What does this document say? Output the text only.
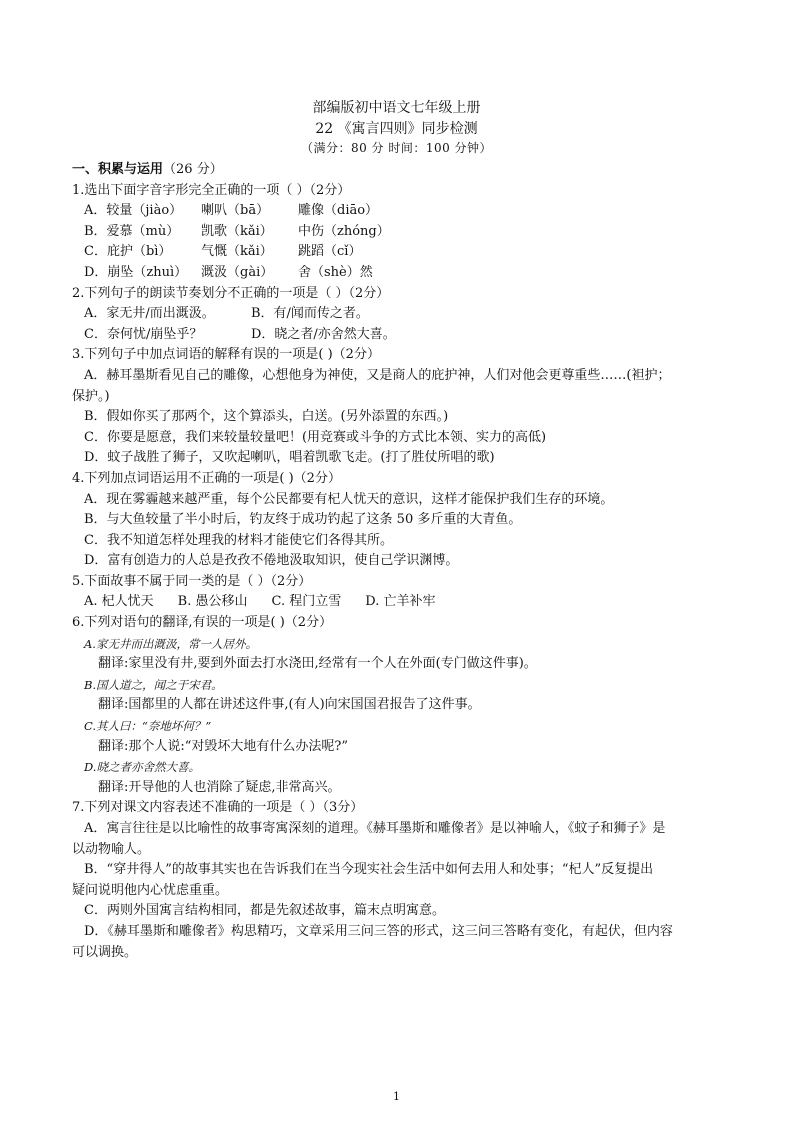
部编版初中语文七年级上册
22 《寓言四则》同步检测
（满分：80 分 时间：100 分钟）
一、积累与运用（26 分）
1.选出下面字音字形完全正确的一项（ ）（2分）
A．较量（jiào） 喇叭（bā） 雕像（diāo）
B．爱慕（mù） 凯歌（kǎi） 中伤（zhóng）
C．庇护（bì） 气慨（kǎi） 跳蹈（cǐ）
D．崩坠（zhuì） 溉汲（gài） 舍（shè）然
2.下列句子的朗读节奏划分不正确的一项是（ ）（2分）
A．家无井/而出溉汲。	B．有/闻而传之者。
C．奈何忧/崩坠乎？	D．晓之者/亦舍然大喜。
3.下列句子中加点词语的解释有误的一项是( )（2分）
A．赫耳墨斯看见自己的雕像，心想他身为神使，又是商人的庇护神，人们对他会更尊重些……(袒护；
保护。)
B．假如你买了那两个，这个算添头，白送。(另外添置的东西。)
C．你要是愿意，我们来较量较量吧！(用竞赛或斗争的方式比本领、实力的高低)
D．蚊子战胜了狮子，又吹起喇叭，唱着凯歌飞走。(打了胜仗所唱的歌)
4.下列加点词语运用不正确的一项是( )（2分）
A．现在雾霾越来越严重，每个公民都要有杞人忧天的意识，这样才能保护我们生存的环境。
B．与大鱼较量了半小时后，钓友终于成功钓起了这条 50 多斤重的大青鱼。
C．我不知道怎样处理我的材料才能使它们各得其所。
D．富有创造力的人总是孜孜不倦地汲取知识，使自己学识渊博。
5.下面故事不属于同一类的是（ ）（2分）
A. 杞人忧天 B. 愚公移山 C. 程门立雪 D. 亡羊补牢
6.下列对语句的翻译,有误的一项是( )（2分）
A.家无井而出溉汲，常一人居外。
翻译:家里没有井,要到外面去打水浇田,经常有一个人在外面(专门做这件事)。
B.国人道之，闻之于宋君。
翻译:国都里的人都在讲述这件事,(有人)向宋国国君报告了这件事。
C.其人曰：“奈地坏何？”
翻译:那个人说:“对毁坏大地有什么办法呢?”
D.晓之者亦舍然大喜。
翻译:开导他的人也消除了疑虑,非常高兴。
7.下列对课文内容表述不准确的一项是（ ）（3分）
A．寓言往往是以比喻性的故事寄寓深刻的道理。《赫耳墨斯和雕像者》是以神喻人，《蚊子和狮子》是
以动物喻人。
B．“穿井得人”的故事其实也在告诉我们在当今现实社会生活中如何去用人和处事；“杞人”反复提出
疑问说明他内心忧虑重重。
C．两则外国寓言结构相同，都是先叙述故事，篇末点明寓意。
D．《赫耳墨斯和雕像者》构思精巧，文章采用三问三答的形式，这三问三答略有变化，有起伏，但内容
可以调换。
1
